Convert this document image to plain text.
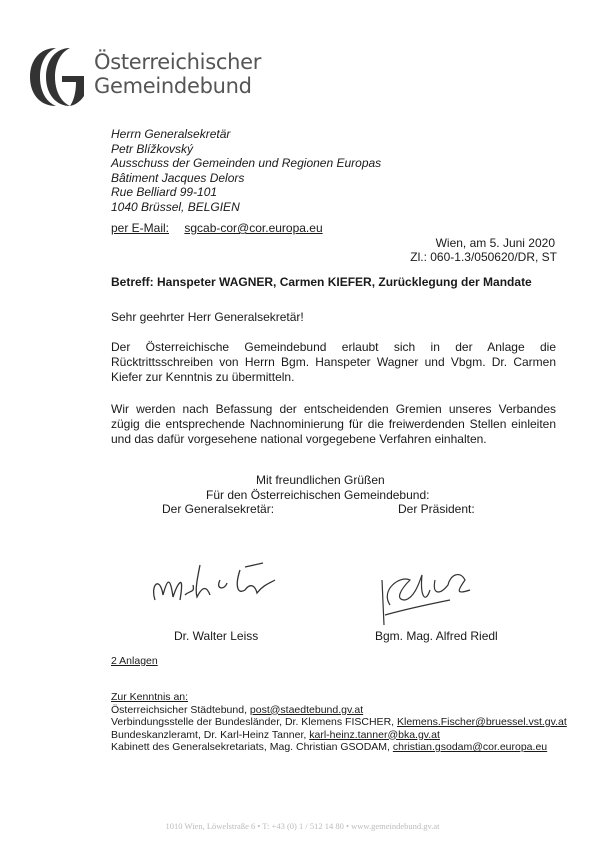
Österreichischer
Gemeindebund
Herrn Generalsekretär
Petr Blížkovský
Ausschuss der Gemeinden und Regionen Europas
Bâtiment Jacques Delors
Rue Belliard 99-101
1040 Brüssel, BELGIEN
per E-Mail: sgcab-cor@cor.europa.eu
Wien, am 5. Juni 2020
Zl.: 060-1.3/050620/DR, ST
Betreff: Hanspeter WAGNER, Carmen KIEFER, Zurücklegung der Mandate
Sehr geehrter Herr Generalsekretär!
Der Österreichische Gemeindebund erlaubt sich in der Anlage die Rücktrittsschreiben von Herrn Bgm. Hanspeter Wagner und Vbgm. Dr. Carmen Kiefer zur Kenntnis zu übermitteln.
Wir werden nach Befassung der entscheidenden Gremien unseres Verbandes zügig die entsprechende Nachnominierung für die freiwerdenden Stellen einleiten und das dafür vorgesehene national vorgegebene Verfahren einhalten.
Mit freundlichen Grüßen
Für den Österreichischen Gemeindebund:
Der Generalsekretär:	Der Präsident:
Dr. Walter Leiss	Bgm. Mag. Alfred Riedl
2 Anlagen
Zur Kenntnis an:
Österreichsicher Städtebund, post@staedtebund.gv.at
Verbindungsstelle der Bundesländer, Dr. Klemens FISCHER, Klemens.Fischer@bruessel.vst.gv.at
Bundeskanzleramt, Dr. Karl-Heinz Tanner, karl-heinz.tanner@bka.gv.at
Kabinett des Generalsekretariats, Mag. Christian GSODAM, christian.gsodam@cor.europa.eu
1010 Wien, Löwelstraße 6 • T: +43 (0) 1 / 512 14 80 • www.gemeindebund.gv.at
